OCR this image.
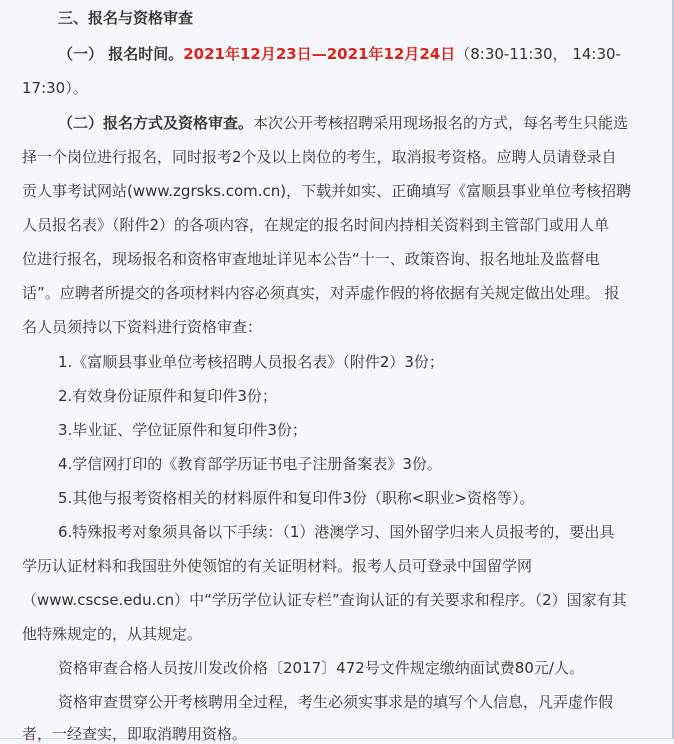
三、报名与资格审查
（一） 报名时间。2021年12月23日—2021年12月24日（8:30-11:30， 14:30-
17:30）。
（二）报名方式及资格审查。本次公开考核招聘采用现场报名的方式，每名考生只能选
择一个岗位进行报名，同时报考2个及以上岗位的考生，取消报考资格。应聘人员请登录自
贡人事考试网站(www.zgrsks.com.cn)，下载并如实、正确填写《富顺县事业单位考核招聘
人员报名表》（附件2）的各项内容，在规定的报名时间内持相关资料到主管部门或用人单
位进行报名，现场报名和资格审查地址详见本公告“十一、政策咨询、报名地址及监督电
话”。应聘者所提交的各项材料内容必须真实，对弄虚作假的将依据有关规定做出处理。 报
名人员须持以下资料进行资格审查：
1.《富顺县事业单位考核招聘人员报名表》（附件2）3份；
2.有效身份证原件和复印件3份；
3.毕业证、学位证原件和复印件3份；
4.学信网打印的《教育部学历证书电子注册备案表》3份。
5.其他与报考资格相关的材料原件和复印件3份（职称<职业>资格等）。
6.特殊报考对象须具备以下手续：（1）港澳学习、国外留学归来人员报考的，要出具
学历认证材料和我国驻外使领馆的有关证明材料。报考人员可登录中国留学网
（www.cscse.edu.cn）中“学历学位认证专栏”查询认证的有关要求和程序。（2）国家有其
他特殊规定的，从其规定。
资格审查合格人员按川发改价格〔2017〕472号文件规定缴纳面试费80元/人。
资格审查贯穿公开考核聘用全过程，考生必须实事求是的填写个人信息，凡弄虚作假
者，一经查实，即取消聘用资格。
